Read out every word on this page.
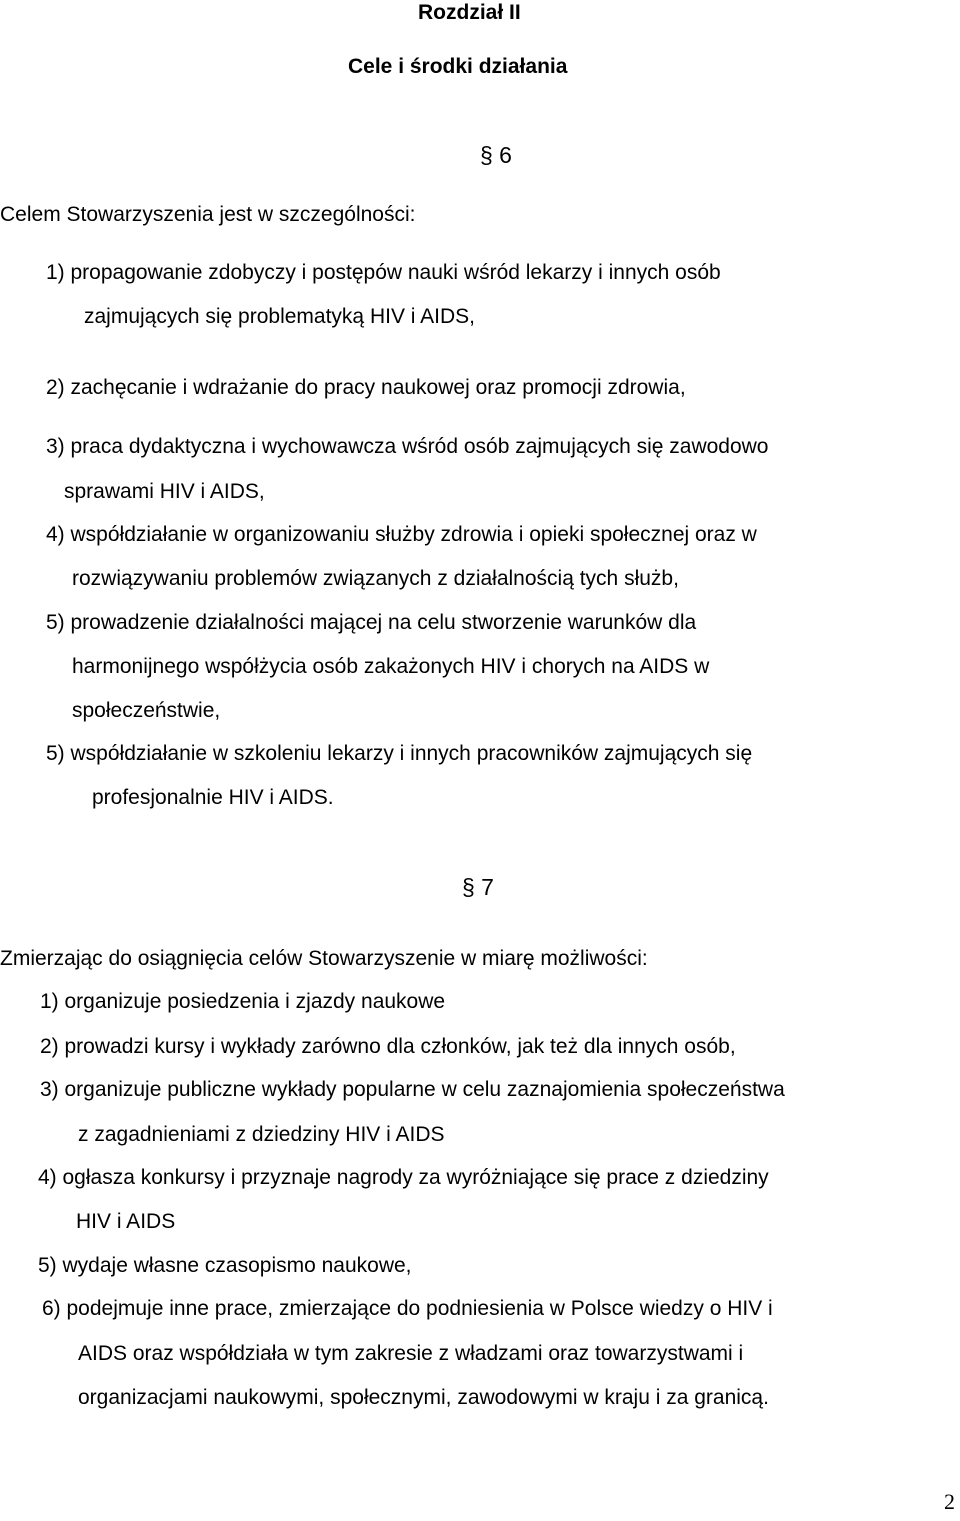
Rozdział II
Cele i środki działania
§ 6
Celem Stowarzyszenia jest w szczególności:
1) propagowanie zdobyczy i postępów nauki wśród lekarzy i innych osób
zajmujących się problematyką HIV i AIDS,
2) zachęcanie i wdrażanie do pracy naukowej oraz promocji zdrowia,
3) praca dydaktyczna i wychowawcza wśród osób zajmujących się zawodowo
sprawami HIV i AIDS,
4) współdziałanie w organizowaniu służby zdrowia i opieki społecznej oraz w
rozwiązywaniu problemów związanych z działalnością tych służb,
5) prowadzenie działalności mającej na celu stworzenie warunków dla
harmonijnego współżycia osób zakażonych HIV i chorych na AIDS w
społeczeństwie,
5) współdziałanie w szkoleniu lekarzy i innych pracowników zajmujących się
profesjonalnie HIV i AIDS.
§ 7
Zmierzając do osiągnięcia celów Stowarzyszenie w miarę możliwości:
1) organizuje posiedzenia i zjazdy naukowe
2) prowadzi kursy i wykłady zarówno dla członków, jak też dla innych osób,
3) organizuje publiczne wykłady popularne w celu zaznajomienia społeczeństwa
z zagadnieniami z dziedziny HIV i AIDS
4) ogłasza konkursy i przyznaje nagrody za wyróżniające się prace z dziedziny
HIV i AIDS
5) wydaje własne czasopismo naukowe,
6) podejmuje inne prace, zmierzające do podniesienia w Polsce wiedzy o HIV i
AIDS oraz współdziała w tym zakresie z władzami oraz towarzystwami i
organizacjami naukowymi, społecznymi, zawodowymi w kraju i za granicą.
2
